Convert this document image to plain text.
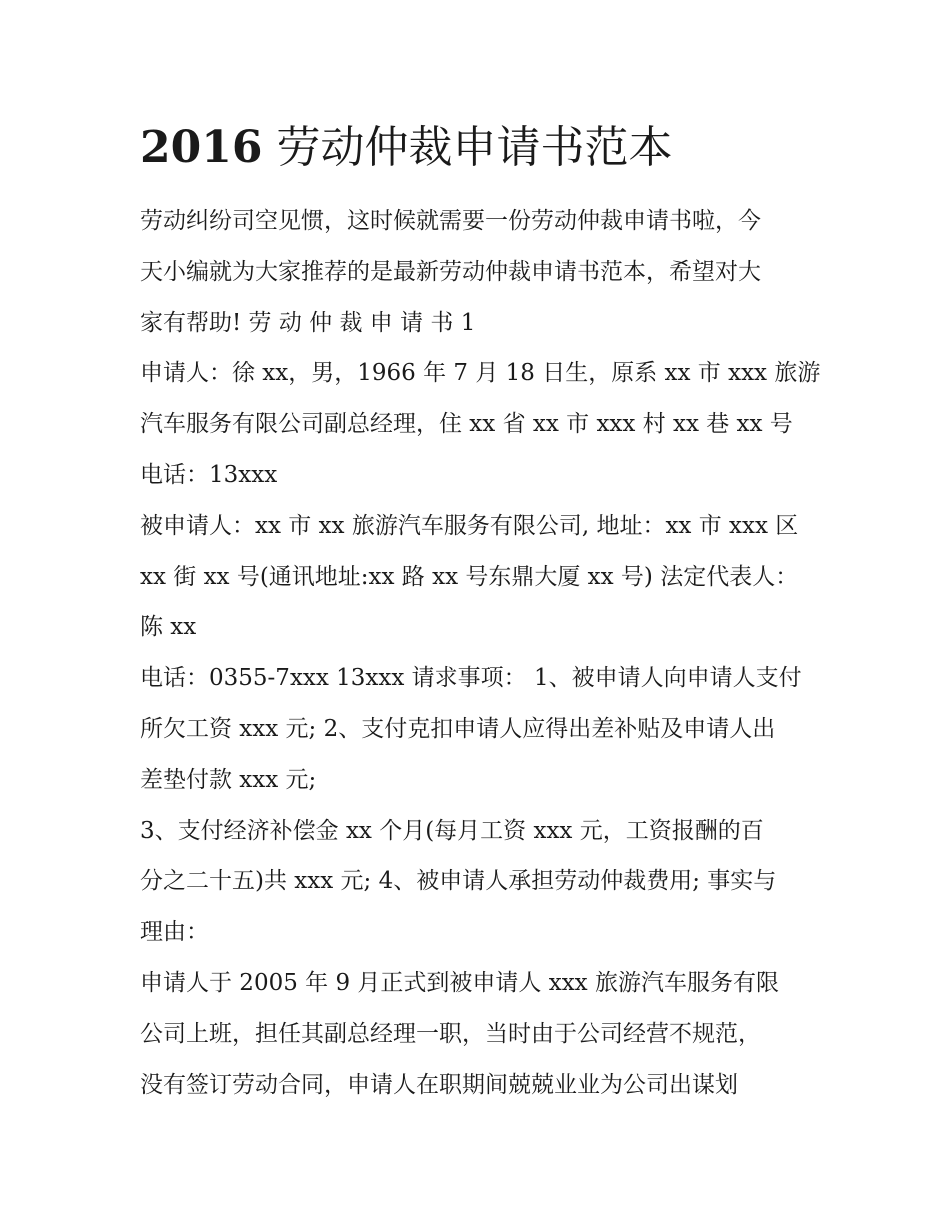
2016 劳动仲裁申请书范本
劳动纠纷司空见惯，这时候就需要一份劳动仲裁申请书啦，今
天小编就为大家推荐的是最新劳动仲裁申请书范本，希望对大
家有帮助! 劳 动 仲 裁 申 请 书 1
申请人：徐 xx，男，1966 年 7 月 18 日生，原系 xx 市 xxx 旅游
汽车服务有限公司副总经理，住 xx 省 xx 市 xxx 村 xx 巷 xx 号
电话：13xxx
被申请人：xx 市 xx 旅游汽车服务有限公司, 地址：xx 市 xxx 区
xx 街 xx 号(通讯地址:xx 路 xx 号东鼎大厦 xx 号) 法定代表人：
陈 xx
电话：0355-7xxx 13xxx 请求事项： 1、被申请人向申请人支付
所欠工资 xxx 元; 2、支付克扣申请人应得出差补贴及申请人出
差垫付款 xxx 元;
3、支付经济补偿金 xx 个月(每月工资 xxx 元，工资报酬的百
分之二十五)共 xxx 元; 4、被申请人承担劳动仲裁费用; 事实与
理由：
申请人于 2005 年 9 月正式到被申请人 xxx 旅游汽车服务有限
公司上班，担任其副总经理一职，当时由于公司经营不规范，
没有签订劳动合同，申请人在职期间兢兢业业为公司出谋划
